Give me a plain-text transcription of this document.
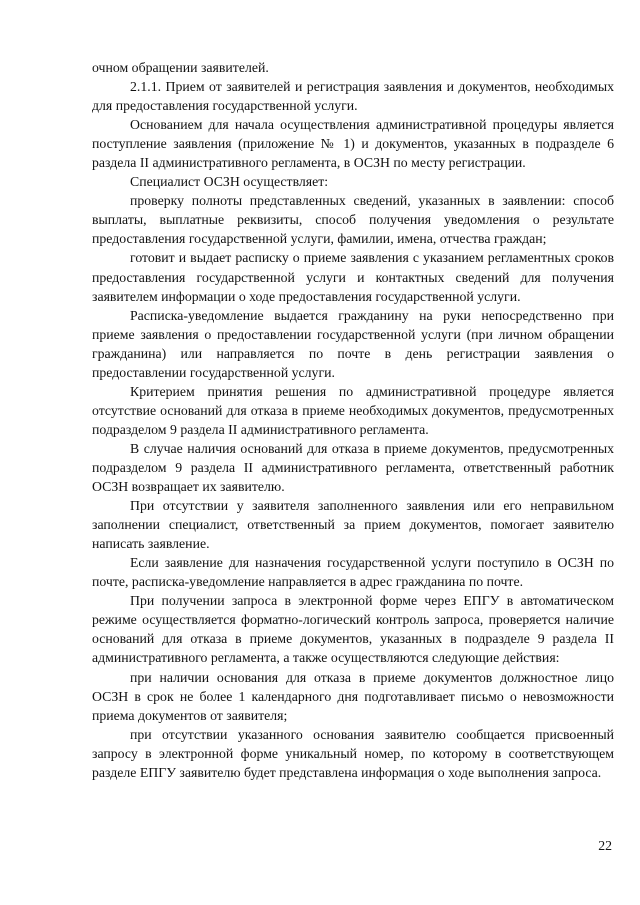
очном обращении заявителей.

2.1.1. Прием от заявителей и регистрация заявления и документов, необходимых для предоставления государственной услуги.

Основанием для начала осуществления административной процедуры является поступление заявления (приложение № 1) и документов, указанных в подразделе 6 раздела II административного регламента, в ОСЗН по месту регистрации.

Специалист ОСЗН осуществляет:

проверку полноты представленных сведений, указанных в заявлении: способ выплаты, выплатные реквизиты, способ получения уведомления о результате предоставления государственной услуги, фамилии, имена, отчества граждан;

готовит и выдает расписку о приеме заявления с указанием регламентных сроков предоставления государственной услуги и контактных сведений для получения заявителем информации о ходе предоставления государственной услуги.

Расписка-уведомление выдается гражданину на руки непосредственно при приеме заявления о предоставлении государственной услуги (при личном обращении гражданина) или направляется по почте в день регистрации заявления о предоставлении государственной услуги.

Критерием принятия решения по административной процедуре является отсутствие оснований для отказа в приеме необходимых документов, предусмотренных подразделом 9 раздела II административного регламента.

В случае наличия оснований для отказа в приеме документов, предусмотренных подразделом 9 раздела II административного регламента, ответственный работник ОСЗН возвращает их заявителю.

При отсутствии у заявителя заполненного заявления или его неправильном заполнении специалист, ответственный за прием документов, помогает заявителю написать заявление.

Если заявление для назначения государственной услуги поступило в ОСЗН по почте, расписка-уведомление направляется в адрес гражданина по почте.

При получении запроса в электронной форме через ЕПГУ в автоматическом режиме осуществляется форматно-логический контроль запроса, проверяется наличие оснований для отказа в приеме документов, указанных в подразделе 9 раздела II административного регламента, а также осуществляются следующие действия:

при наличии основания для отказа в приеме документов должностное лицо ОСЗН в срок не более 1 календарного дня подготавливает письмо о невозможности приема документов от заявителя;

при отсутствии указанного основания заявителю сообщается присвоенный запросу в электронной форме уникальный номер, по которому в соответствующем разделе ЕПГУ заявителю будет представлена информация о ходе выполнения запроса.

22
